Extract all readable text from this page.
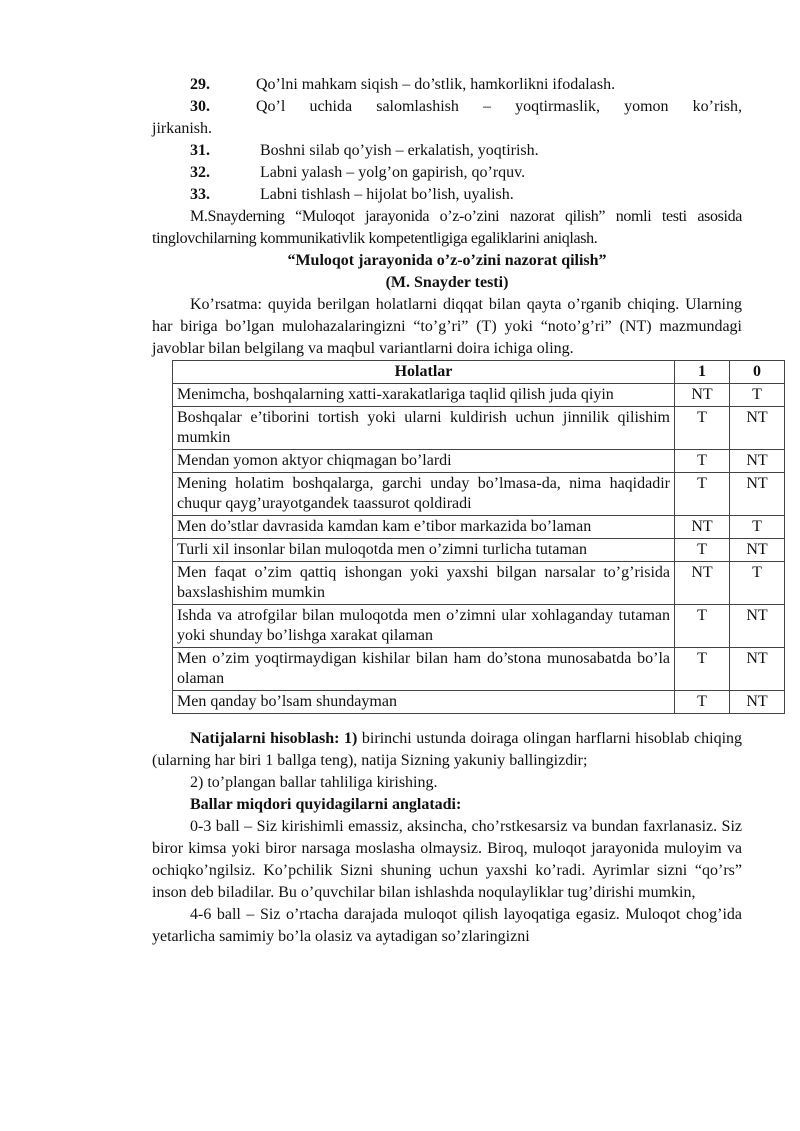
29.	Qo’lni mahkam siqish – do’stlik, hamkorlikni ifodalash.
30.	Qo’l uchida salomlashish – yoqtirmaslik, yomon ko’rish,

jirkanish.

31.	Boshni silab qo’yish – erkalatish, yoqtirish.
32.	Labni yalash – yolg’on gapirish, qo’rquv.
33.	Labni tishlash – hijolat bo’lish, uyalish.

M.Snayderning “Muloqot jarayonida o’z-o’zini nazorat qilish” nomli testi asosida tinglovchilarning kommunikativlik kompetentligiga egaliklarini aniqlash.

“Muloqot jarayonida o’z-o’zini nazorat qilish”

(M. Snayder testi)

Ko’rsatma: quyida berilgan holatlarni diqqat bilan qayta o’rganib chiqing. Ularning har biriga bo’lgan mulohazalaringizni “to’g’ri” (T) yoki “noto’g’ri” (NT) mazmundagi javoblar bilan belgilang va maqbul variantlarni doira ichiga oling.

Holatlar	1	0
Menimcha, boshqalarning xatti-xarakatlariga taqlid qilish juda qiyin	NT	T
Boshqalar e’tiborini tortish yoki ularni kuldirish uchun jinnilik qilishim mumkin	T	NT
Mendan yomon aktyor chiqmagan bo’lardi	T	NT
Mening holatim boshqalarga, garchi unday bo’lmasa-da, nima haqidadir chuqur qayg’urayotgandek taassurot qoldiradi	T	NT
Men do’stlar davrasida kamdan kam e’tibor markazida bo’laman	NT	T
Turli xil insonlar bilan muloqotda men o’zimni turlicha tutaman	T	NT
Men faqat o’zim qattiq ishongan yoki yaxshi bilgan narsalar to’g’risida baxslashishim mumkin	NT	T
Ishda va atrofgilar bilan muloqotda men o’zimni ular xohlaganday tutaman yoki shunday bo’lishga xarakat qilaman	T	NT
Men o’zim yoqtirmaydigan kishilar bilan ham do’stona munosabatda bo’la olaman	T	NT
Men qanday bo’lsam shundayman	T	NT

Natijalarni hisoblash: 1) birinchi ustunda doiraga olingan harflarni hisoblab chiqing (ularning har biri 1 ballga teng), natija Sizning yakuniy ballingizdir;

2) to’plangan ballar tahliliga kirishing.

Ballar miqdori quyidagilarni anglatadi:

0-3 ball – Siz kirishimli emassiz, aksincha, cho’rstkesarsiz va bundan faxrlanasiz. Siz biror kimsa yoki biror narsaga moslasha olmaysiz. Biroq, muloqot jarayonida muloyim va ochiqko’ngilsiz. Ko’pchilik Sizni shuning uchun yaxshi ko’radi. Ayrimlar sizni “qo’rs” inson deb biladilar. Bu o’quvchilar bilan ishlashda noqulayliklar tug’dirishi mumkin,

4-6 ball – Siz o’rtacha darajada muloqot qilish layoqatiga egasiz. Muloqot chog’ida yetarlicha samimiy bo’la olasiz va aytadigan so’zlaringizni
